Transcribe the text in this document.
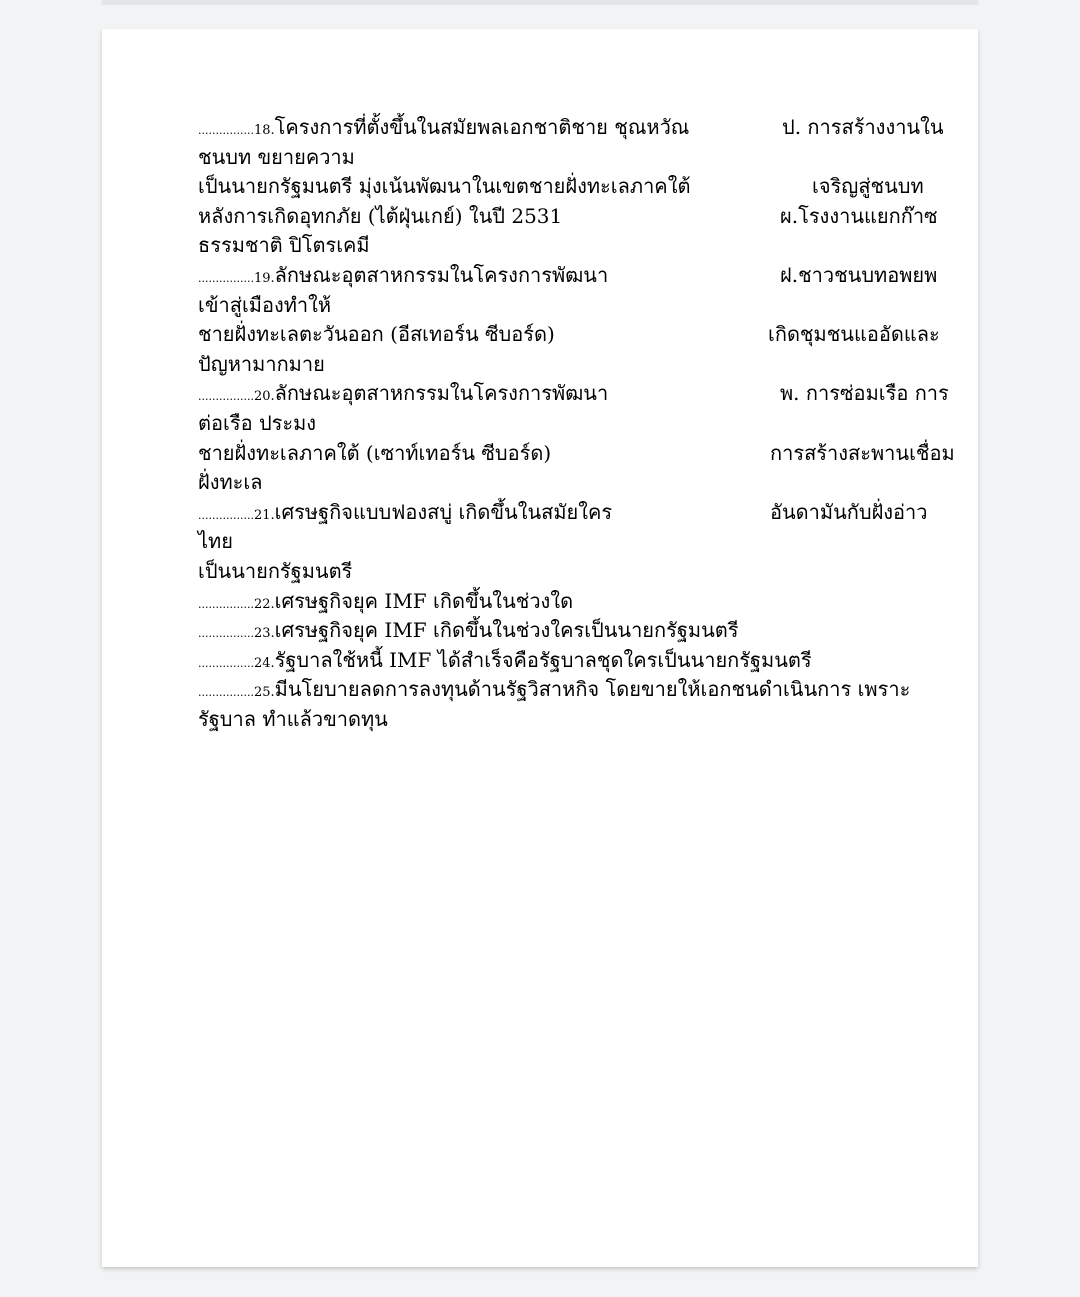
................18.โครงการที่ตั้งขึ้นในสมัยพลเอกชาติชาย ชุณหวัณ	ป. การสร้างงานใน
ชนบท ขยายความ
เป็นนายกรัฐมนตรี มุ่งเน้นพัฒนาในเขตชายฝั่งทะเลภาคใต้	เจริญสู่ชนบท
หลังการเกิดอุทกภัย (ไต้ฝุ่นเกย์) ในปี 2531	ผ.โรงงานแยกก๊าซ
ธรรมชาติ ปิโตรเคมี
................19.ลักษณะอุตสาหกรรมในโครงการพัฒนา	ฝ.ชาวชนบทอพยพ
เข้าสู่เมืองทำให้
ชายฝั่งทะเลตะวันออก (อีสเทอร์น ซีบอร์ด)	เกิดชุมชนแออัดและ
ปัญหามากมาย
................20.ลักษณะอุตสาหกรรมในโครงการพัฒนา	พ. การซ่อมเรือ การ
ต่อเรือ ประมง
ชายฝั่งทะเลภาคใต้ (เซาท์เทอร์น ซีบอร์ด)	การสร้างสะพานเชื่อม
ฝั่งทะเล
................21.เศรษฐกิจแบบฟองสบู่ เกิดขึ้นในสมัยใคร	อันดามันกับฝั่งอ่าว
ไทย
เป็นนายกรัฐมนตรี
................22.เศรษฐกิจยุค IMF เกิดขึ้นในช่วงใด
................23.เศรษฐกิจยุค IMF เกิดขึ้นในช่วงใครเป็นนายกรัฐมนตรี
................24.รัฐบาลใช้หนี้ IMF ได้สำเร็จคือรัฐบาลชุดใครเป็นนายกรัฐมนตรี
................25.มีนโยบายลดการลงทุนด้านรัฐวิสาหกิจ โดยขายให้เอกชนดำเนินการ เพราะ
รัฐบาล ทำแล้วขาดทุน
